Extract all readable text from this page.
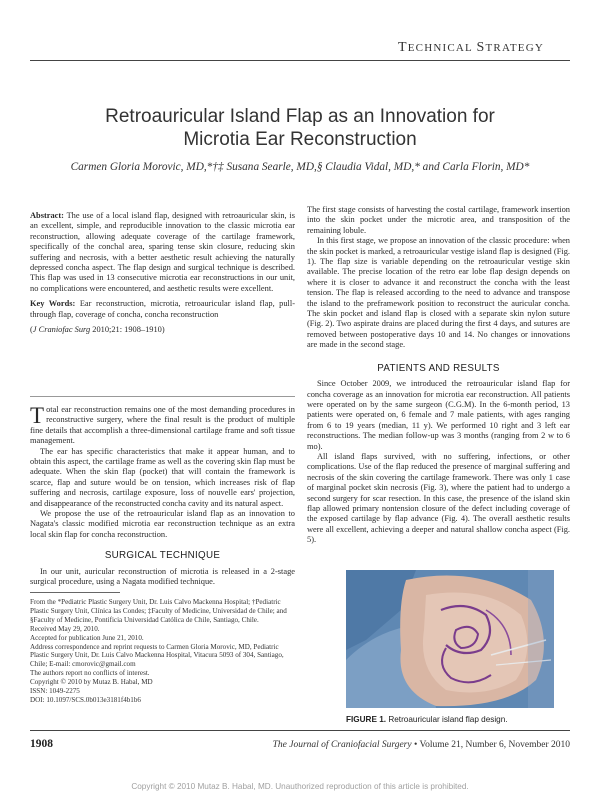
TECHNICAL STRATEGY
Retroauricular Island Flap as an Innovation for
Microtia Ear Reconstruction
Carmen Gloria Morovic, MD,*†‡ Susana Searle, MD,§ Claudia Vidal, MD,* and Carla Florin, MD*

Abstract: The use of a local island flap, designed with retroauricular skin, is an excellent, simple, and reproducible innovation to the classic microtia ear reconstruction, allowing adequate coverage of the cartilage framework, specifically of the conchal area, sparing tense skin closure, reducing skin suffering and necrosis, with a better aesthetic result achieving the naturally depressed concha aspect. The flap design and surgical technique is described. This flap was used in 13 consecutive microtia ear reconstructions in our unit, no complications were encountered, and aesthetic results were excellent.

Key Words: Ear reconstruction, microtia, retroauricular island flap, pull-through flap, coverage of concha, concha reconstruction

(J Craniofac Surg 2010;21: 1908–1910)

Total ear reconstruction remains one of the most demanding procedures in reconstructive surgery, where the final result is the product of multiple fine details that accomplish a three-dimensional cartilage frame and soft tissue management.

The ear has specific characteristics that make it appear human, and to obtain this aspect, the cartilage frame as well as the covering skin flap must be adequate. When the skin flap (pocket) that will contain the framework is scarce, flap and suture would be on tension, which increases risk of flap suffering and necrosis, cartilage exposure, loss of nouvelle ears' projection, and disappearance of the reconstructed concha cavity and its natural aspect.

We propose the use of the retroauricular island flap as an innovation to Nagata's classic modified microtia ear reconstruction technique as an extra local skin flap for concha reconstruction.

SURGICAL TECHNIQUE

In our unit, auricular reconstruction of microtia is released in a 2-stage surgical procedure, using a Nagata modified technique.

From the *Pediatric Plastic Surgery Unit, Dr. Luis Calvo Mackenna Hospital; †Pediatric Plastic Surgery Unit, Clínica las Condes; ‡Faculty of Medicine, Universidad de Chile; and §Faculty of Medicine, Pontificia Universidad Católica de Chile, Santiago, Chile.

Received May 29, 2010.

Accepted for publication June 21, 2010.

Address correspondence and reprint requests to Carmen Gloria Morovic, MD, Pediatric Plastic Surgery Unit, Dr. Luis Calvo Mackenna Hospital, Vitacura 5093 of 304, Santiago, Chile; E-mail: cmorovic@gmail.com

The authors report no conflicts of interest.

Copyright © 2010 by Mutaz B. Habal, MD

ISSN: 1049-2275

DOI: 10.1097/SCS.0b013e3181f4b1b6

The first stage consists of harvesting the costal cartilage, framework insertion into the skin pocket under the microtic area, and transposition of the remaining lobule.

In this first stage, we propose an innovation of the classic procedure: when the skin pocket is marked, a retroauricular vestige island flap is designed (Fig. 1). The flap size is variable depending on the retroauricular vestige skin available. The precise location of the retro ear lobe flap design depends on where it is closer to advance it and reconstruct the concha with the least tension. The flap is released according to the need to advance and transpose the island to the preframework position to reconstruct the auricular concha. The skin pocket and island flap is closed with a separate skin nylon suture (Fig. 2). Two aspirate drains are placed during the first 4 days, and sutures are removed between postoperative days 10 and 14. No changes or innovations are made in the second stage.

PATIENTS AND RESULTS

Since October 2009, we introduced the retroauricular island flap for concha coverage as an innovation for microtia ear reconstruction. All patients were operated on by the same surgeon (C.G.M). In the 6-month period, 13 patients were operated on, 6 female and 7 male patients, with ages ranging from 6 to 19 years (median, 11 y). We performed 10 right and 3 left ear reconstructions. The median follow-up was 3 months (ranging from 2 w to 6 mo).

All island flaps survived, with no suffering, infections, or other complications. Use of the flap reduced the presence of marginal suffering and necrosis of the skin covering the cartilage framework. There was only 1 case of marginal pocket skin necrosis (Fig. 3), where the patient had to undergo a second surgery for scar resection. In this case, the presence of the island skin flap allowed primary nontension closure of the defect including coverage of the exposed cartilage by flap advance (Fig. 4). The overall aesthetic results were all excellent, achieving a deeper and natural shallow concha aspect (Fig. 5).

FIGURE 1. Retroauricular island flap design.
1908	The Journal of Craniofacial Surgery • Volume 21, Number 6, November 2010
Copyright © 2010 Mutaz B. Habal, MD. Unauthorized reproduction of this article is prohibited.
